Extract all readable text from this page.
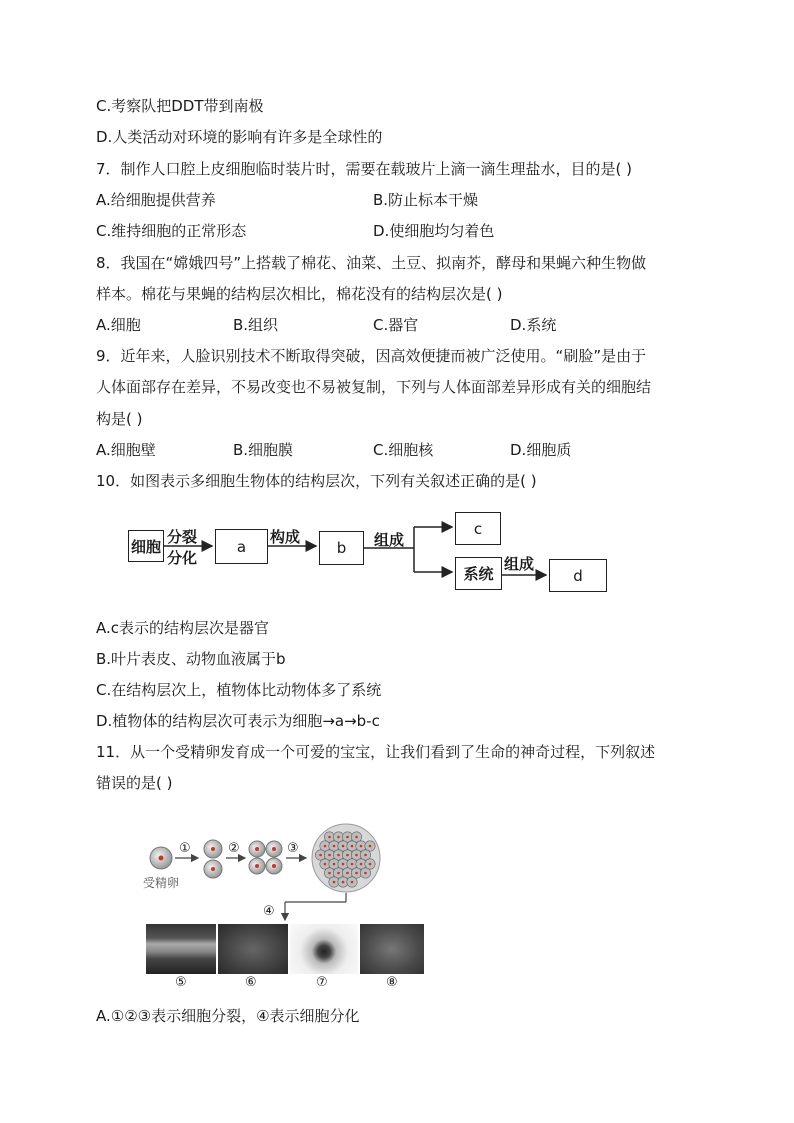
C.考察队把DDT带到南极
D.人类活动对环境的影响有许多是全球性的
7．制作人口腔上皮细胞临时装片时，需要在载玻片上滴一滴生理盐水，目的是( )
A.给细胞提供营养	B.防止标本干燥
C.维持细胞的正常形态	D.使细胞均匀着色
8．我国在“嫦娥四号”上搭载了棉花、油菜、土豆、拟南芥，酵母和果蝇六种生物做
样本。棉花与果蝇的结构层次相比，棉花没有的结构层次是( )
A.细胞	B.组织	C.器官	D.系统
9．近年来，人脸识别技术不断取得突破，因高效便捷而被广泛使用。“刷脸”是由于
人体面部存在差异，不易改变也不易被复制，下列与人体面部差异形成有关的细胞结
构是( )
A.细胞壁	B.细胞膜	C.细胞核	D.细胞质
10．如图表示多细胞生物体的结构层次，下列有关叙述正确的是( )
细胞
分裂
分化
a
构成
b	组成
c
系统
组成
d
A.c表示的结构层次是器官
B.叶片表皮、动物血液属于b
C.在结构层次上，植物体比动物体多了系统
D.植物体的结构层次可表示为细胞→a→b-c
11．从一个受精卵发育成一个可爱的宝宝，让我们看到了生命的神奇过程，下列叙述
错误的是( )
①	②	③
④
受精卵
⑤	⑥	⑦	⑧
A.①②③表示细胞分裂，④表示细胞分化
